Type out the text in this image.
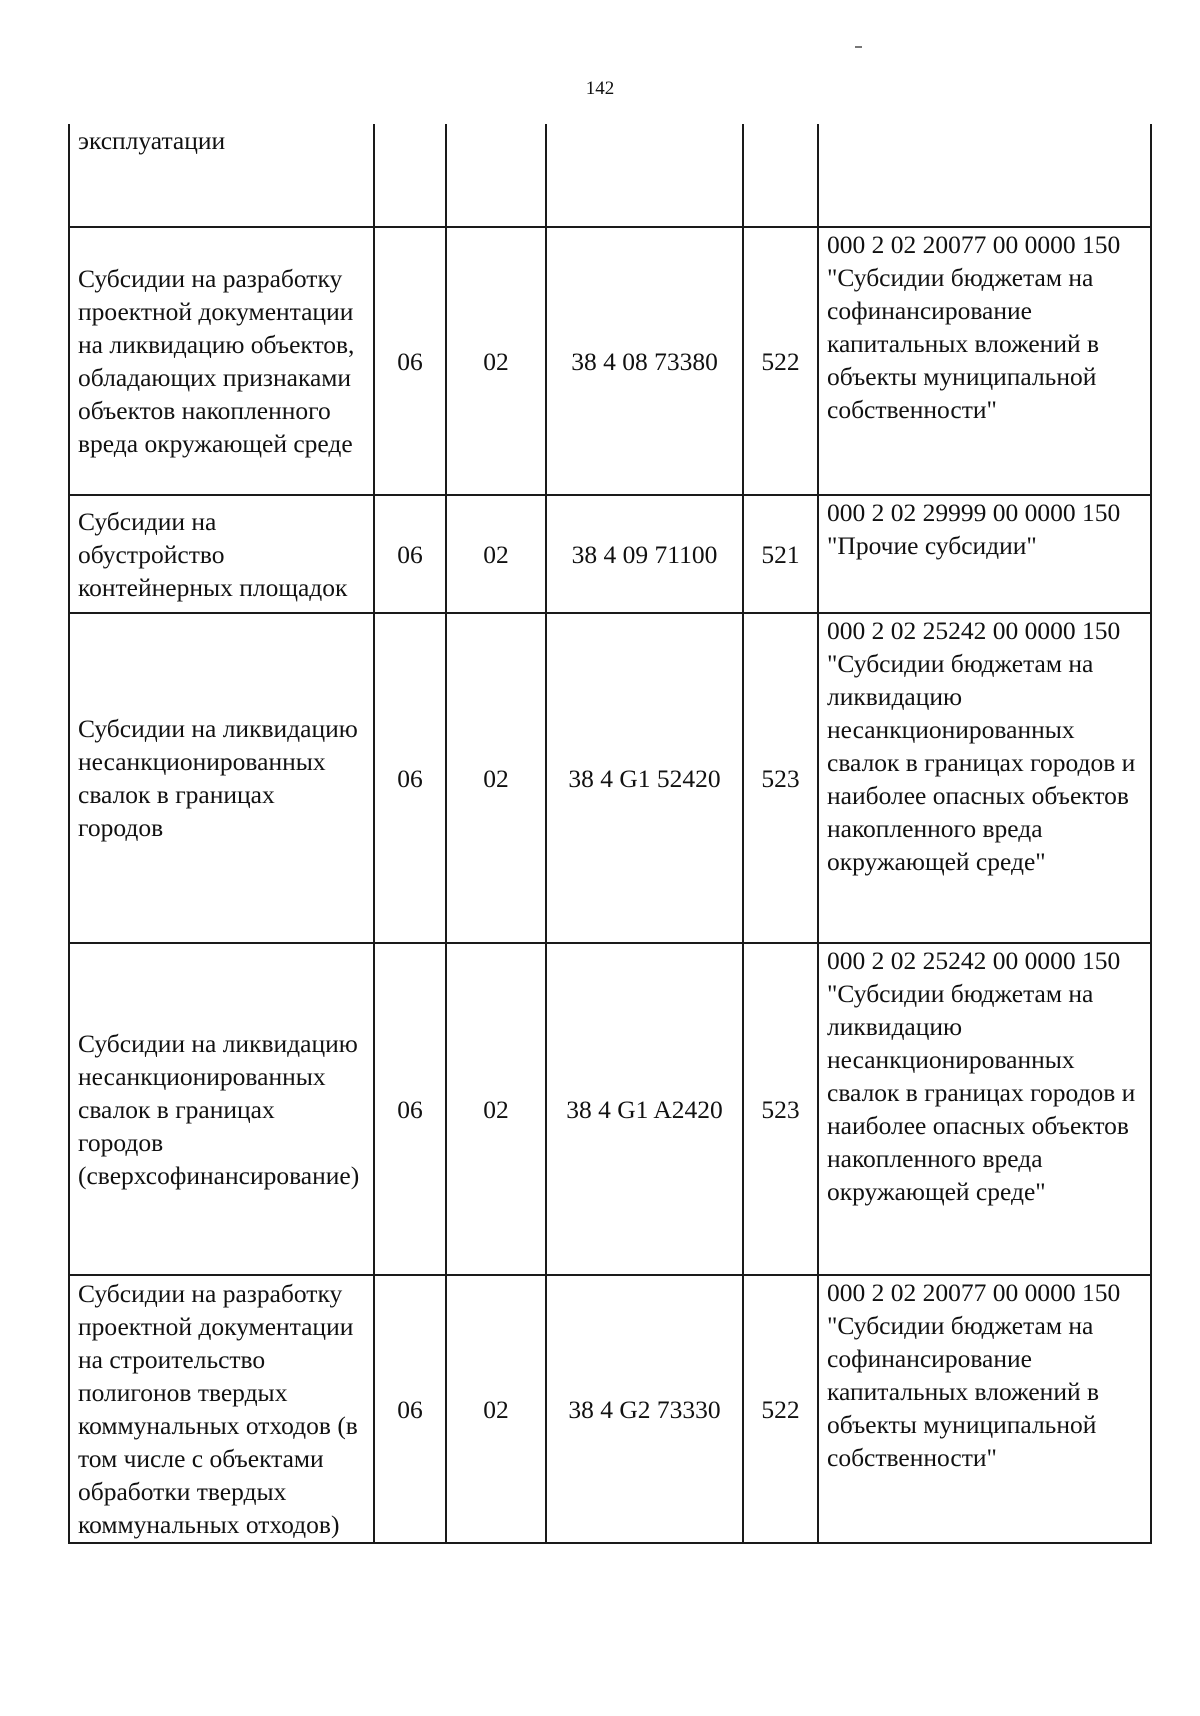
142
эксплуатации					
Субсидии на разработку проектной документации на ликвидацию объектов, обладающих признаками объектов накопленного вреда окружающей среде	06	02	38 4 08 73380	522	000 2 02 20077 00 0000 150 "Субсидии бюджетам на софинансирование капитальных вложений в объекты муниципальной собственности"
Субсидии на обустройство контейнерных площадок	06	02	38 4 09 71100	521	000 2 02 29999 00 0000 150 "Прочие субсидии"
Субсидии на ликвидацию несанкционированных свалок в границах городов	06	02	38 4 G1 52420	523	000 2 02 25242 00 0000 150 "Субсидии бюджетам на ликвидацию несанкционированных свалок в границах городов и наиболее опасных объектов накопленного вреда окружающей среде"
Субсидии на ликвидацию несанкционированных свалок в границах городов (сверхсофинансирование)	06	02	38 4 G1 A2420	523	000 2 02 25242 00 0000 150 "Субсидии бюджетам на ликвидацию несанкционированных свалок в границах городов и наиболее опасных объектов накопленного вреда окружающей среде"
Субсидии на разработку проектной документации на строительство полигонов твердых коммунальных отходов (в том числе с объектами обработки твердых коммунальных отходов)	06	02	38 4 G2 73330	522	000 2 02 20077 00 0000 150 "Субсидии бюджетам на софинансирование капитальных вложений в объекты муниципальной собственности"
